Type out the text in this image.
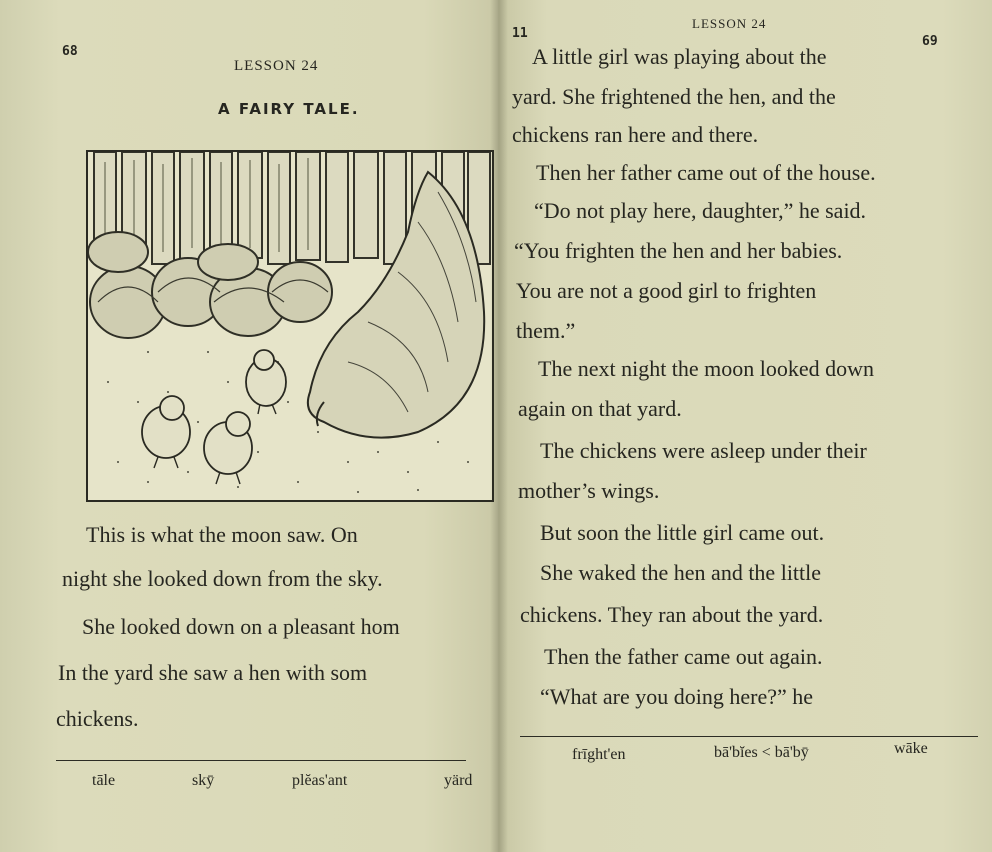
68
LESSON 24
A FAIRY TALE.
This is what the moon saw. On
night she looked down from the sky.
She looked down on a pleasant hom
In the yard she saw a hen with som
chickens.
tāle	skȳ	plĕas'ant	yärd
11
LESSON 24
69
A little girl was playing about the
yard. She frightened the hen, and the
chickens ran here and there.
Then her father came out of the house.
“Do not play here, daughter,” he said.
“You frighten the hen and her babies.
You are not a good girl to frighten
them.”
The next night the moon looked down
again on that yard.
The chickens were asleep under their
mother’s wings.
But soon the little girl came out.
She waked the hen and the little
chickens. They ran about the yard.
Then the father came out again.
“What are you doing here?” he
frīght'en	bā'bĭes < bā'bȳ	wāke
